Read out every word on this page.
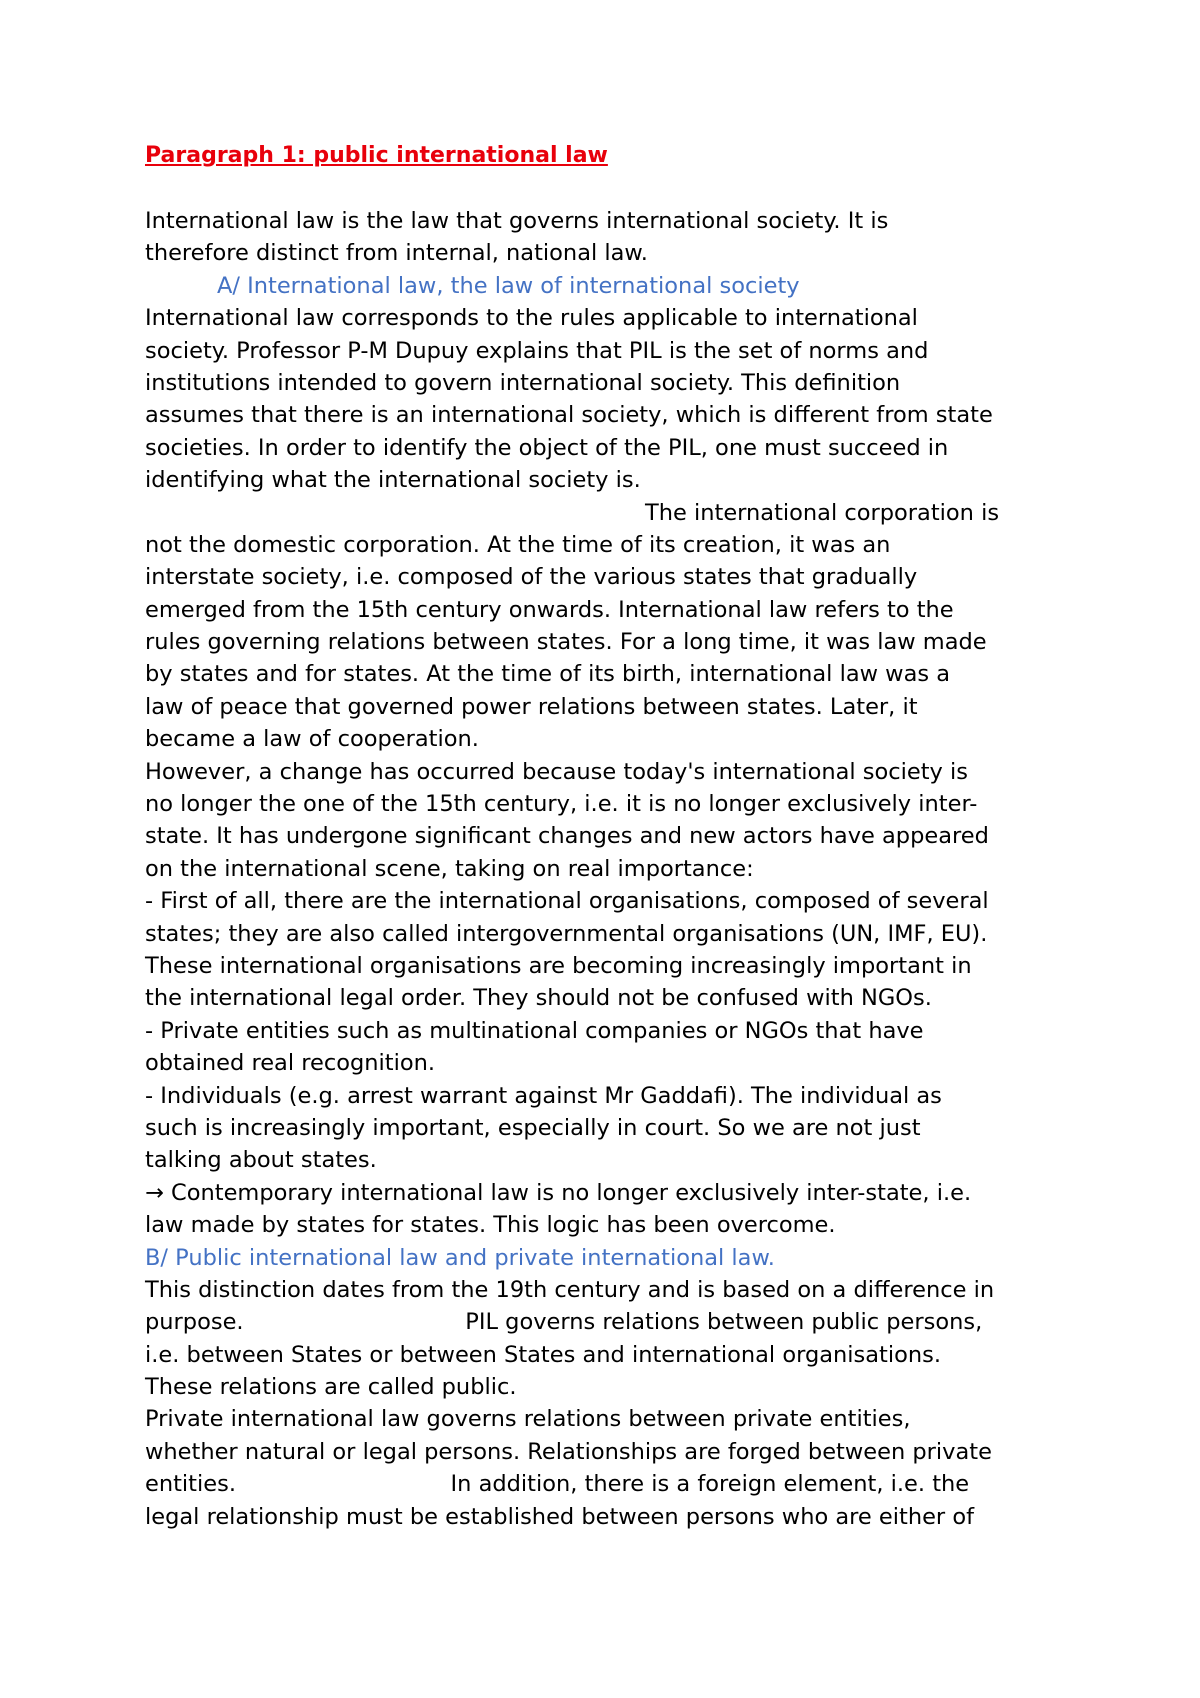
Paragraph 1: public international law
International law is the law that governs international society. It is
therefore distinct from internal, national law.
A/ International law, the law of international society
International law corresponds to the rules applicable to international
society. Professor P-M Dupuy explains that PIL is the set of norms and
institutions intended to govern international society. This definition
assumes that there is an international society, which is different from state
societies. In order to identify the object of the PIL, one must succeed in
identifying what the international society is.
The international corporation is
not the domestic corporation. At the time of its creation, it was an
interstate society, i.e. composed of the various states that gradually
emerged from the 15th century onwards. International law refers to the
rules governing relations between states. For a long time, it was law made
by states and for states. At the time of its birth, international law was a
law of peace that governed power relations between states. Later, it
became a law of cooperation.
However, a change has occurred because today's international society is
no longer the one of the 15th century, i.e. it is no longer exclusively inter-
state. It has undergone significant changes and new actors have appeared
on the international scene, taking on real importance:
- First of all, there are the international organisations, composed of several
states; they are also called intergovernmental organisations (UN, IMF, EU).
These international organisations are becoming increasingly important in
the international legal order. They should not be confused with NGOs.
- Private entities such as multinational companies or NGOs that have
obtained real recognition.
- Individuals (e.g. arrest warrant against Mr Gaddafi). The individual as
such is increasingly important, especially in court. So we are not just
talking about states.
→ Contemporary international law is no longer exclusively inter-state, i.e.
law made by states for states. This logic has been overcome.
B/ Public international law and private international law.
This distinction dates from the 19th century and is based on a difference in
purpose.                               PIL governs relations between public persons,
i.e. between States or between States and international organisations.
These relations are called public.
Private international law governs relations between private entities,
whether natural or legal persons. Relationships are forged between private
entities.                              In addition, there is a foreign element, i.e. the
legal relationship must be established between persons who are either of
